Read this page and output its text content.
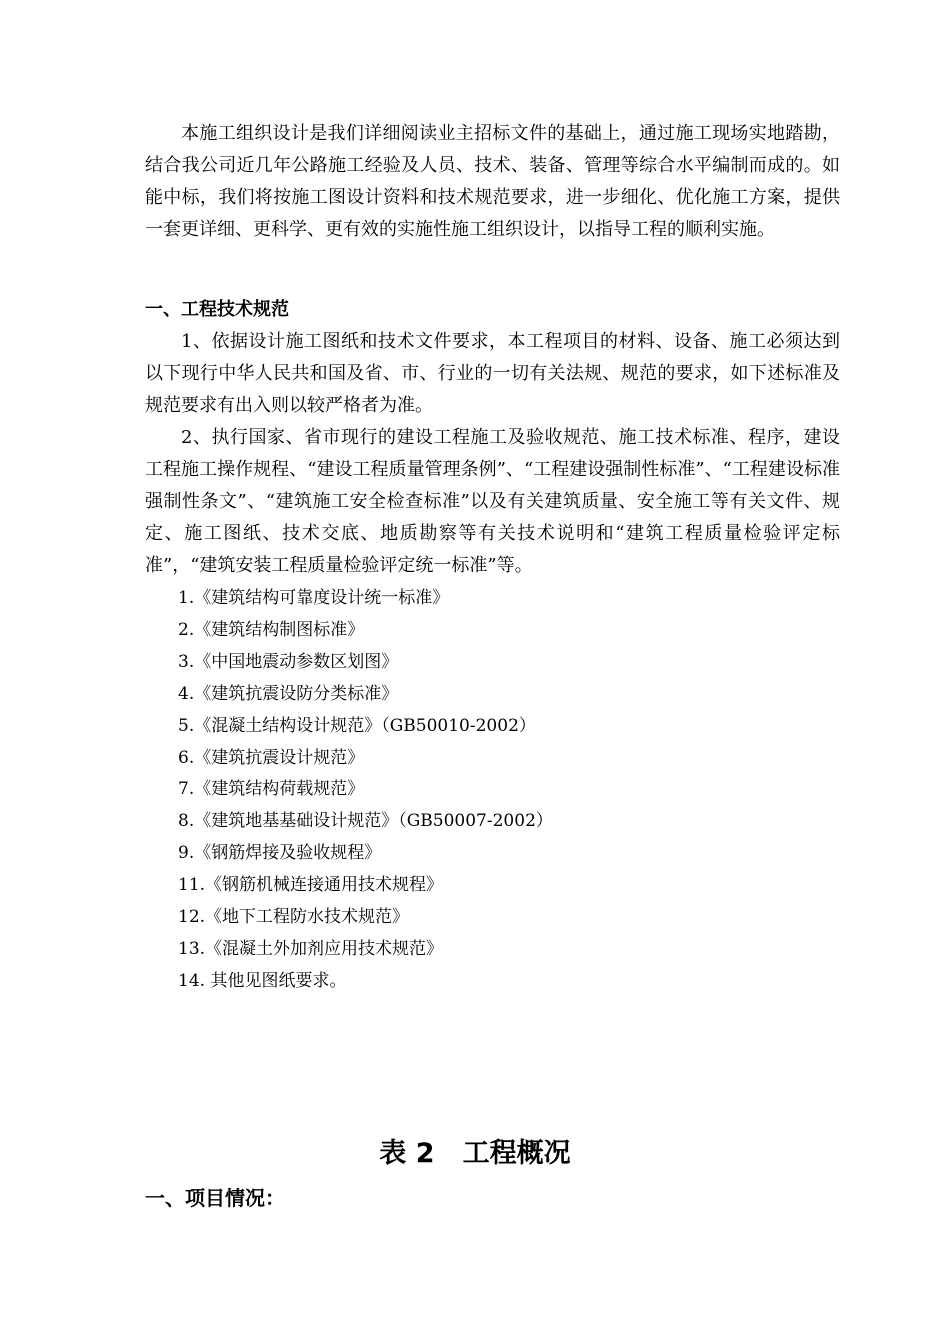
本施工组织设计是我们详细阅读业主招标文件的基础上，通过施工现场实地踏勘，结合我公司近几年公路施工经验及人员、技术、装备、管理等综合水平编制而成的。如能中标，我们将按施工图设计资料和技术规范要求，进一步细化、优化施工方案，提供一套更详细、更科学、更有效的实施性施工组织设计，以指导工程的顺利实施。

一、工程技术规范

1、依据设计施工图纸和技术文件要求，本工程项目的材料、设备、施工必须达到以下现行中华人民共和国及省、市、行业的一切有关法规、规范的要求，如下述标准及规范要求有出入则以较严格者为准。

2、执行国家、省市现行的建设工程施工及验收规范、施工技术标准、程序，建设工程施工操作规程、“建设工程质量管理条例”、“工程建设强制性标准”、“工程建设标准强制性条文”、“建筑施工安全检查标准”以及有关建筑质量、安全施工等有关文件、规定、施工图纸、技术交底、地质勘察等有关技术说明和“建筑工程质量检验评定标准”，“建筑安装工程质量检验评定统一标准”等。

1.《建筑结构可靠度设计统一标准》
2.《建筑结构制图标准》
3.《中国地震动参数区划图》
4.《建筑抗震设防分类标准》
5.《混凝土结构设计规范》（GB50010-2002）
6.《建筑抗震设计规范》
7.《建筑结构荷载规范》
8.《建筑地基基础设计规范》（GB50007-2002）
9.《钢筋焊接及验收规程》
11.《钢筋机械连接通用技术规程》
12.《地下工程防水技术规范》
13.《混凝土外加剂应用技术规范》
14. 其他见图纸要求。
表 2   工程概况
一、项目情况：
